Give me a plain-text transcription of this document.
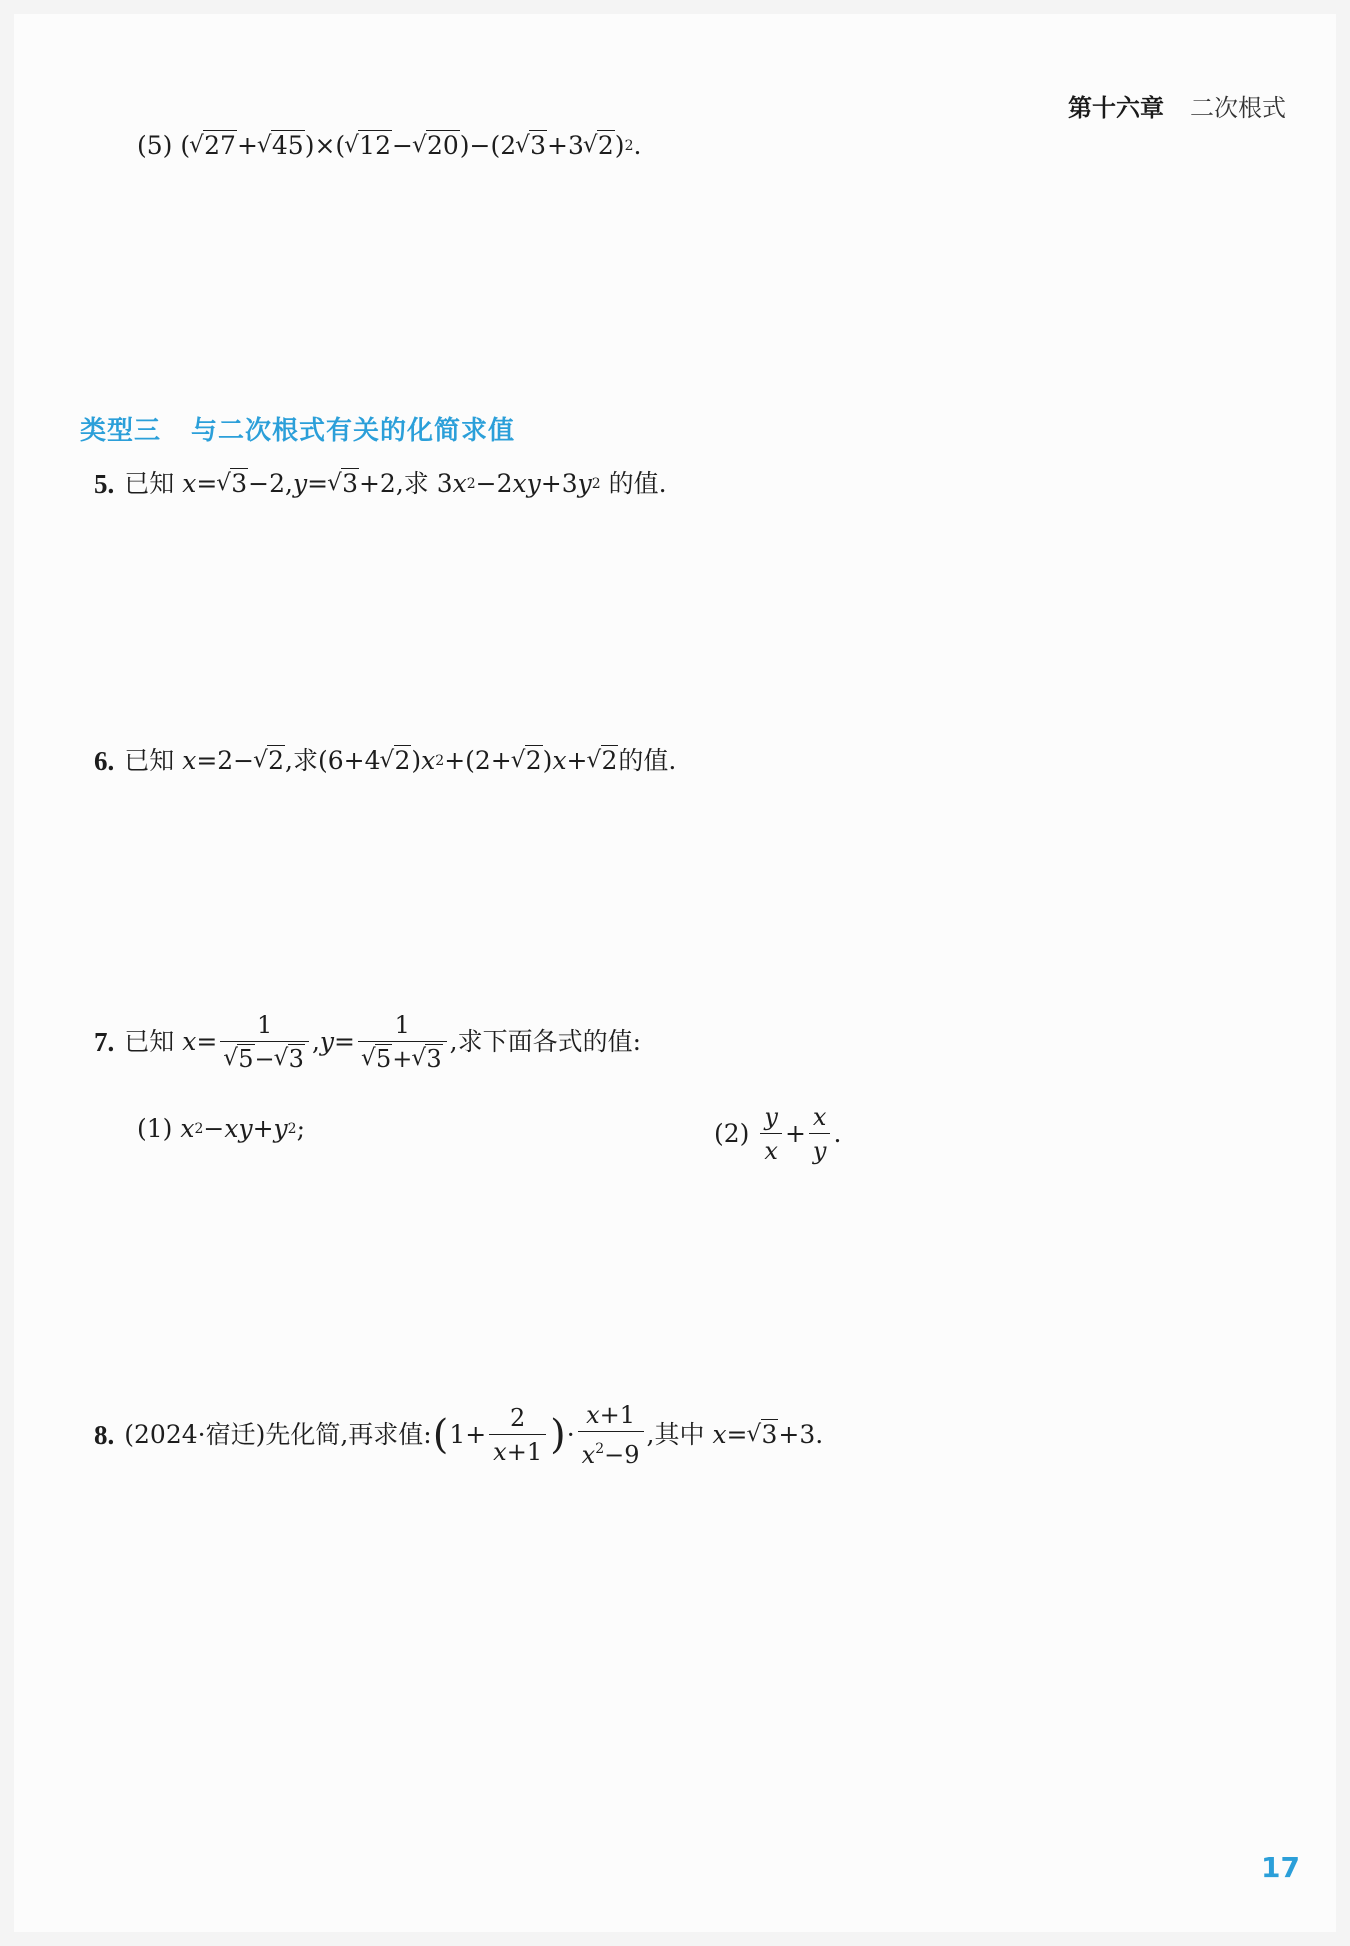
第十六章 二次根式
(5) ( √ 27 + √ 45 )×( √ 12 − √ 20 )−(2 √ 3 +3 √ 2 ) 2 .
类型三 与二次根式有关的化简求值
5. 已知 x = √ 3 −2, y = √ 3 +2,求 3 x 2 −2 xy +3 y 2 的值.
6. 已知 x =2− √ 2 ,求(6+4 √ 2 ) x 2 +(2+ √ 2 ) x + √ 2 的值.
7. 已知 x = 1
√ 5− √ 3 , y = 1
√ 5+ √ 3 ,求下面各式的值:
(1)
x 2 − xy + y 2 ;	(2)
$\frac{y}{x} + \frac{x}{y}$ .
8. (2024·宿迁)先化简,再求值: ( $1+ \frac{2}{x+1}$ ) · $\frac{x+1}{x^2-9}$ ,其中 x = √ 3 +3.
17
